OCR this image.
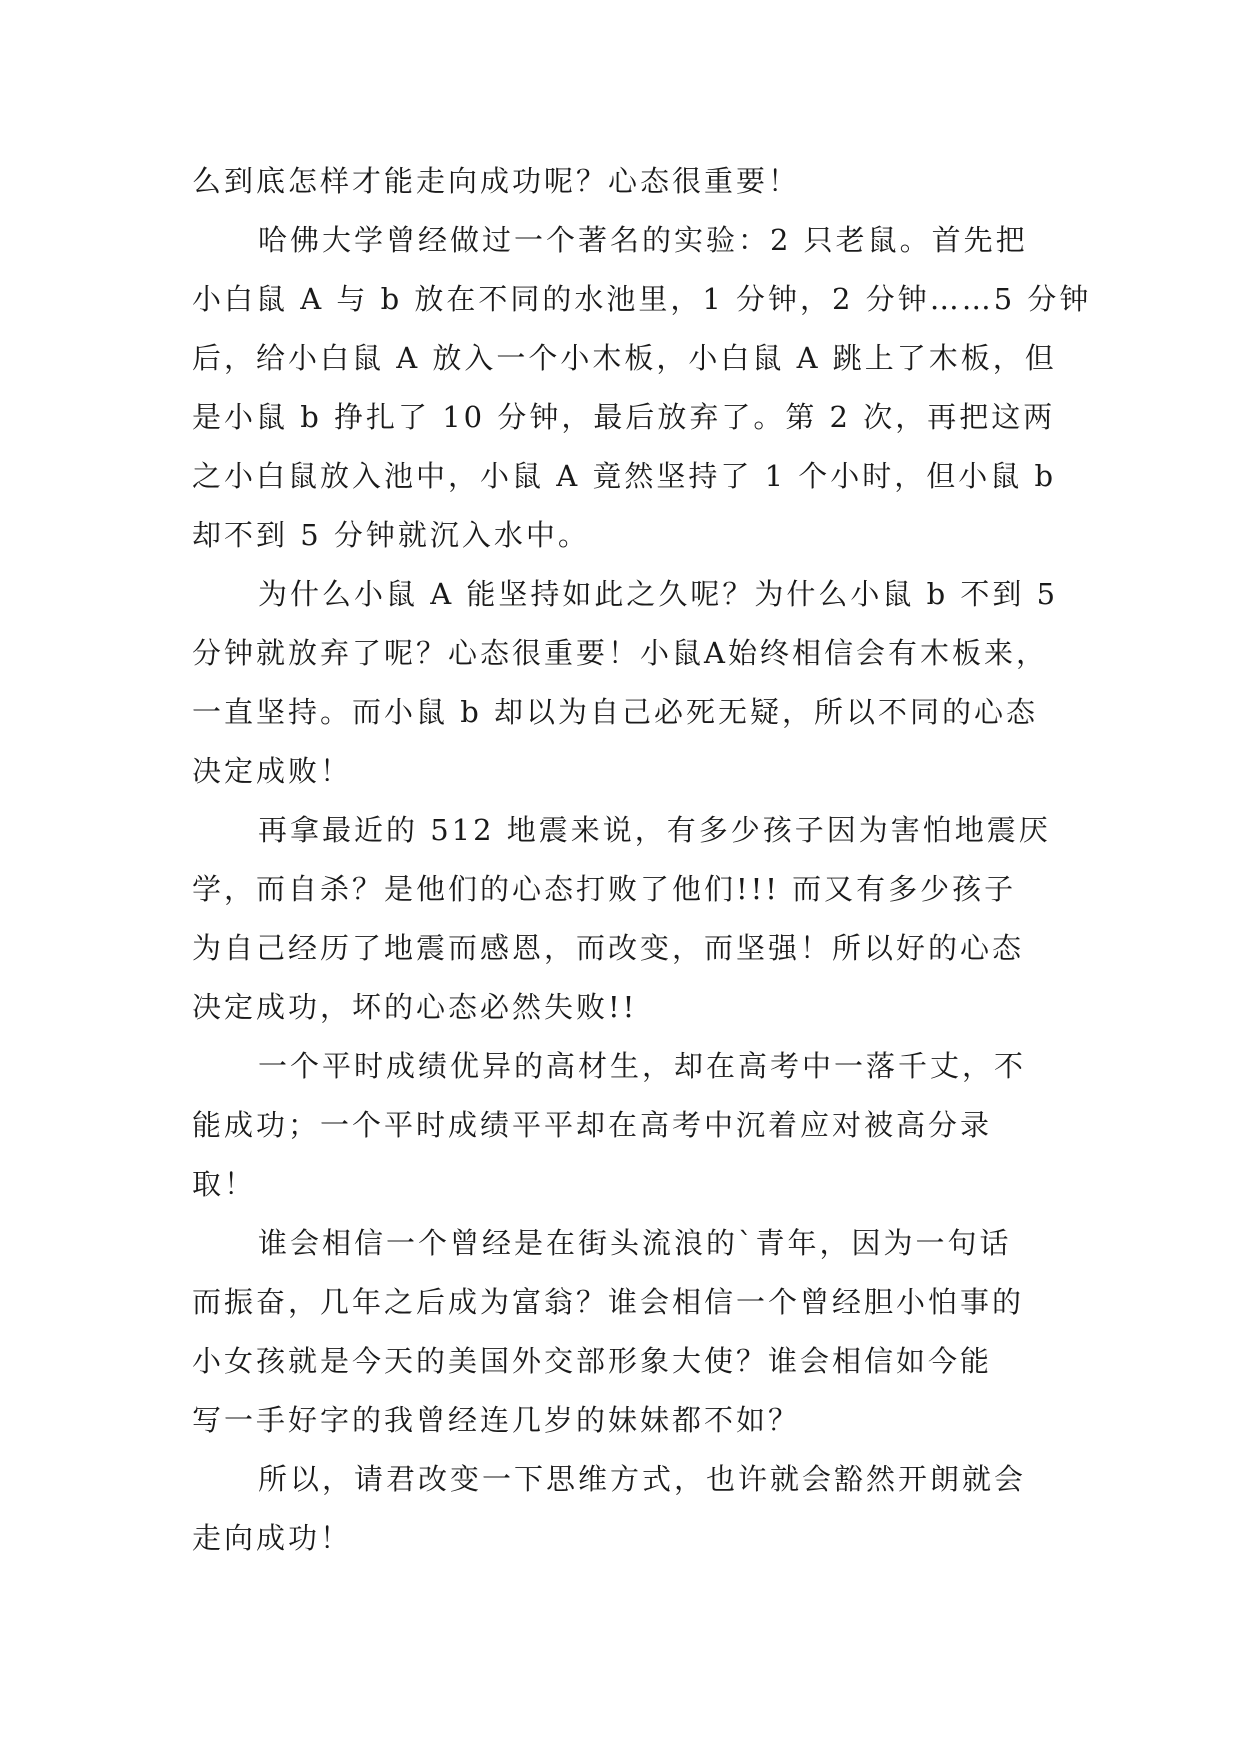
么到底怎样才能走向成功呢？心态很重要！
哈佛大学曾经做过一个著名的实验：2 只老鼠。首先把
小白鼠 A 与 b 放在不同的水池里，1 分钟，2 分钟……5 分钟
后，给小白鼠 A 放入一个小木板，小白鼠 A 跳上了木板，但
是小鼠 b 挣扎了 10 分钟，最后放弃了。第 2 次，再把这两
之小白鼠放入池中，小鼠 A 竟然坚持了 1 个小时，但小鼠 b
却不到 5 分钟就沉入水中。
为什么小鼠 A 能坚持如此之久呢？为什么小鼠 b 不到 5
分钟就放弃了呢？心态很重要！小鼠A始终相信会有木板来，
一直坚持。而小鼠 b 却以为自己必死无疑，所以不同的心态
决定成败！
再拿最近的 512 地震来说，有多少孩子因为害怕地震厌
学，而自杀？是他们的心态打败了他们!!! 而又有多少孩子
为自己经历了地震而感恩，而改变，而坚强！所以好的心态
决定成功，坏的心态必然失败!!
一个平时成绩优异的高材生，却在高考中一落千丈，不
能成功；一个平时成绩平平却在高考中沉着应对被高分录
取！
谁会相信一个曾经是在街头流浪的`青年，因为一句话
而振奋，几年之后成为富翁？谁会相信一个曾经胆小怕事的
小女孩就是今天的美国外交部形象大使？谁会相信如今能
写一手好字的我曾经连几岁的妹妹都不如？
所以，请君改变一下思维方式，也许就会豁然开朗就会
走向成功！
